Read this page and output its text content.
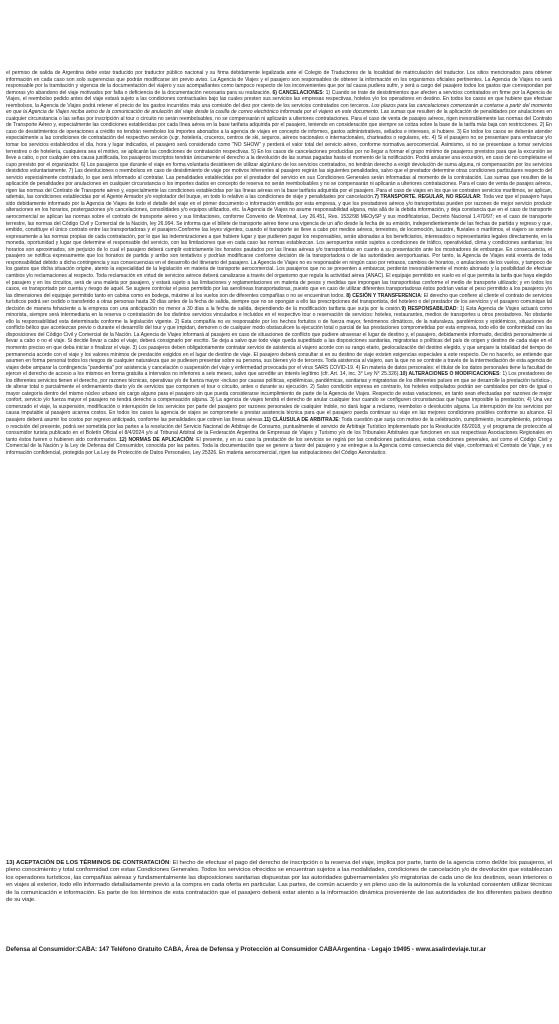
el permiso de salida de Argentina debe estar traducido por traductor público nacional y su firma debidamente legalizada ante el Colegio de Traductores de la localidad de matriculación del traductor. Los sitios mencionados para obtener información en cada caso son solo sugerencias que podrán modificarse sin previo aviso. La Agencia de Viajes y el pasajero son responsables de obtener la información en los organismos oficiales pertinentes. La Agencia de Viajes no será responsable por la tramitación y vigencia de la documentación del viajero y sus acompañantes como tampoco respecto de los inconvenientes que por tal causa pudiera sufrir, y será a cargo del pasajero todos los gastos que correspondan por demoras y/o abandono del viaje motivados por falta o deficiencia de la documentación necesaria para su realización. 6) CANCELACIONES: 1) Cuando se trate de desistimientos que afecten a servicios contratados en firme por la Agencia de Viajes, el reembolso pedido antes del viaje estará sujeto a las condiciones contractuales bajo las cuales presten sus servicios las empresas respectivas, hoteles y/o los operadores en destino. En todos los casos en que hubiere que efectuar reembolsos, la Agencia de Viajes podrá retener el precio de los gastos incurridos más una comisión del diez por ciento de los servicios contratados con terceros. Los plazos para las cancelaciones comenzarán a contarse a partir del momento en que la Agencia de Viajes reciba aviso de la comunicación de anulación del viaje desde la casilla de correo electrónico informada por el viajero en este documento. Las sumas que resulten de la aplicación de penalidades por anulaciones en cualquier circunstancia o las señas por inscripción al tour o circuito no serán reembolsables, no se compensarán ni aplicarán a ulteriores contrataciones. Para el caso de venta de pasajes aéreos, rigen inexorablemente las normas del Contrato de Transporte Aéreo y, especialmente las condiciones establecidas por cada línea aérea en la base tarifaria adquirida por el pasajero, teniendo en consideración que siempre se cotiza sobre la base de la tarifa más baja con restricciones. 2) En caso de desistimientos de operaciones a crédito no tendrán reembolso los importes abonados a la agencia de viajes en concepto de informes, gastos administrativos, sellados e intereses, si hubiere. 3) En todos los casos se deberán atender especialmente a las condiciones de contratación del respectivo servicio (v.gr. hotelería, cruceros, centros de ski, seguros, aéreos nacionales o internacionales, charteados o regulares, etc. 4) Si el pasajero no se presentare para embarcar y/o tomar los servicios establecidos el día, hora y lugar indicados, el pasajero será considerado como "NO SHOW" y perderá el valor total del servicio aéreo, conforme normativa aerocomercial. Asimismo, si no se presentase a tomar servicios terrestres o de hotelería, cualquiera sea el motivo, se aplicarán las condiciones de contratación respectivas. 5) En los casos de cancelaciones producidas por no llegar a formar el grupo mínimo de pasajeros previstos para que la excursión se lleve a cabo, o por cualquier otra causa justificada, los pasajeros inscriptos tendrán únicamente el derecho a la devolución de las sumas pagadas hasta el momento de la notificación. Podrá anularse una excursión, en caso de no completarse el cupo previsto por el organizador. 6) Los pasajeros que durante el viaje en forma voluntaria desistieren de utilizar algún/uno de los servicios contratados, no tendrán derecho a exigir devolución de suma alguna, ni compensación por los servicios desistidos voluntariamente. 7) Las devoluciones o reembolsos en caso de desistimiento de viaje por motivos inherentes al pasajero regirán las siguientes penalidades, salvo que el prestador determine otras condiciones particulares respecto del servicio especialmente contratado, lo que será informado al contratar. Las penalidades establecidas por el prestador del servicio en sus Condiciones Generales serán informadas al momento de la contratación. Las sumas que resulten de la aplicación de penalidades por anulaciones en cualquier circunstancia o los importes dados en concepto de reserva no serán reembolsables y no se compensarán ni aplicarán a ulteriores contrataciones. Para el caso de venta de pasajes aéreos, rigen las normas del Contrato de Transporte aéreo y, especialmente las condiciones establecidas por las líneas aéreas en la base tarifaria adquirida por el pasajero. Para el caso de viajes en los que se contraten servicios marítimos, se aplican, además, las condiciones establecidas por el Agente Armador y/o explotador del buque, en todo lo relativo a las condiciones de viaje y penalidades por cancelación.7) TRANSPORTE. REGULAR, NO REGULAR: Toda vez que el pasajero haya sido debidamente informado por la Agencia de Viajes de todo el detalle del viaje en el primer documento o información emitida por esta empresa, y que los prestadores aéreos y/o transportistas pueden por razones de mejor servicio producir alteraciones en los horarios, postergaciones y/o cancelaciones, consolidades y/o equipos utilizados, etc. la Agencia de Viajes no asume responsabilidad alguna, más allá de la debida información, y deja constancia que en el caso de transporte aerocomercial se aplican las normas sobre el contrato de transporte aéreo y sus limitaciones, conforme Convenio de Montreal, Ley 26.451, Res. 1532/98 MEOySP y sus modificatorias, Decreto Nacional 1.470/97; en el caso de transporte terrestre, las normas del Código Civil y Comercial de la Nación, ley 26.994. Se informa que el billete de transporte aéreo tiene una vigencia de un año desde la fecha de su emisión, independientemente de las fechas de partida y regreso y que, emitido, constituye el único contrato entre las transportadoras y el pasajero.Conforme las leyes vigentes, cuando el transporte se lleve a cabo por medios aéreos, terrestres, de locomoción, lacustre, fluviales o marítimos, el viajero se somete expresamente a las normas propias de cada contratación, por lo que las indemnizaciones a que hubiere lugar y que pudieren pagar los responsables, serán abonadas a los beneficiarios, interesados o representantes legales directamente, en la moneda, oportunidad y lugar que determine el responsable del servicio, con las limitaciones que en cada caso las normas establezcan. Los aeropuertos están sujetos a condiciones de tráfico, operatividad, clima y condiciones sanitarias; los horarios son aproximados, sin perjuicio de lo cual el pasajero deberá cumplir estrictamente los horarios pautados por las líneas aéreas y/o transportistas en cuanto a su presentación ante los mostradores de embarque. En consecuencia, el pasajero se notifica expresamente que los horarios de partida y arribo son tentativos y podrían modificarse conforme decisión de la transportadora o de las autoridades aeroportuarias. Por tanto, la Agencia de Viajes está exenta de toda responsabilidad debido a dicha contingencia y sus consecuencias en el desarrollo del itinerario del pasajero. La Agencia de Viajes no es responsable en ningún caso por retrasos, cambios de horarios, o anulaciones de los vuelos, y tampoco de los gastos que dicha situación origine, atento la especialidad de la legislación en materia de transporte aerocomercial. Los pasajeros que no se presenten a embarcar, perderán inexorablemente el monto abonado y la posibilidad de efectuar cambios y/o reclamaciones al respecto. Toda reclamación en virtud de servicios aéreos deberá canalizarse a través del organismo que regula la actividad aérea (ANAC). El equipaje permitido en vuelo es el que permita la tarifa que haya elegido el pasajero y en los circuitos, será de una maleta por pasajero, y estará sujeto a las limitaciones y reglamentaciones en materia de pesos y medidas que impongan las transportistas conforme el medio de transporte utilizado; y en todos los casos, es transportado por cuenta y riesgo de aquél. Se sugiere controlar el peso permitido por las aerolíneas transportadoras, puesto que en caso de utilizar diferentes transportadoras éstos podrían variar el peso permitido a los pasajeros y/o las dimensiones del equipaje permitido tanto en cabina como en bodega, máxime si los vuelos son de diferentes compañías o no se encuentran todos. 8) CESIÓN Y TRANSFERENCIA: El derecho que confiere al cliente el contrato de servicios turísticos podrá ser cedido o transferido a otras personas hasta 30 días antes de la fecha de salida, siempre que no se opongan a ello las prescripciones del transportista, del hotelero o del prestador de los servicios y el pasajero comunique tal decisión de manera fehaciente a la empresa con una anticipación no menor a 30 días a la fecha de salida, dependiendo de la modificación tarifaria que surja por la cesión.9) RESPONSABILIDAD: 1) Esta Agencia de Viajes actuará como minorista, siempre será intermediaria en la reserva o contratación de los distintos servicios vinculados e incluidos en el respectivo tour o reservación de servicios: hoteles, restaurantes, medios de transportes u otros prestadores. No obstante ello la responsabilidad esta determinada conforme la legislación vigente. 2) Esta compañía no es responsable por los hechos fortuitos o de fuerza mayor, fenómenos climáticos, de la naturaleza, pandémicos y epidémicos, situaciones de conflicto bélico que acontezcan previo o durante el desarrollo del tour y que impidan, demoren o de cualquier modo obstaculicen la ejecución total o parcial de las prestaciones comprometidas por esta empresa, todo ello de conformidad con las disposiciones del Código Civil y Comercial de la Nación. La Agencia de Viajes informará al pasajero en caso de situaciones de conflicto que pudiere atravesar el lugar de destino y, el pasajero, debidamente informado, decidirá personalmente si llevar a cabo o no el viaje. Si decide llevar a cabo el viaje, deberá consignarlo por escrito. Se deja a salvo que todo viaje queda supeditado a las disposiciones sanitarias, migratorias o políticas del país de origen y destino de cada viaje en el momento preciso en que deba iniciar o finalizar el viaje. 3) Los pasajeros deben obligatoriamente contratar servicio de asistencia al viajero acorde con su rango etario, geolocalización del destino elegido, y que ampare la totalidad del tiempo de permanencia acorde con el viaje y los valores mínimos de prestación exigidos en el lugar de destino de viaje. El pasajero deberá consultar si en su destino de viaje existen exigencias especiales a este respecto. De no hacerlo, se entiende que asumen en forma personal todos los riesgos de cualquier naturaleza que se pudiesen presentar sobre su persona, sus bienes y/o de terceros. Toda asistencia al viajero, aun la que no se contrate a través de la intermediación de esta agencia de viajes debe amparar la contingencia "pandemia" por asistencia y cancelación o suspensión del viaje y enfermedad provocada por el virus SARS COVID-19. 4) En materia de datos personales: el titular de los datos personales tiene la facultad de ejercer el derecho de acceso a los mismos en forma gratuita a intervalos no inferiores a seis meses, salvo que acredite un interés legítimo (cfr. Art. 14, inc. 3° Ley N° 25.326).10) ALTERACIONES O MODIFICACIONES: 1) Los prestadores de los diferentes servicios tienen el derecho, por razones técnicas, operativas y/o de fuerza mayor -incluso por causas políticas, epidémicas, pandémicas, sanitarias y migratorias de los diferentes países en que se desarrolle la prestación turística-, de alterar total o parcialmente el ordenamiento diario y/o de servicios que componen el tour o circuito, antes o durante su ejecución. 2) Salvo condición expresa en contrario, los hoteles estipulados podrán ser cambiados por otro de igual o mayor categoría dentro del mismo núcleo urbano sin cargo alguno para el pasajero sin que pueda considerarse incumplimiento de parte de la Agencia de Viajes. Respecto de estas variaciones, en tanto sean efectuadas por razones de mejor confort, servicio y/o fuerza mayor el pasajero no tendrá derecho a compensación alguna. 3) La agencia de viajes tendrá el derecho de anular cualquier tour cuando se configuren circunstancias que hagan imposible la prestación. 4) Una vez comenzado el viaje, la suspensión, modificación o interrupción de los servicios por parte del pasajero por razones personales de cualquier índole, no dará lugar a reclamo, reembolso o devolución alguna. La interrupción de los servicios por causa imputable al pasajero acarrea costos. En todos los casos la agencia de viajes se compromete a prestar asistencia técnica para que el pasajero pueda continuar su viaje en las mejores condiciones posibles conforme su alcance. El pasajero deberá asumir los costos por regreso anticipado, conforme las penalidades que cobren las líneas aéreas.11) CLÁUSULA DE ARBITRAJE: Toda cuestión que surja con motivo de la celebración, cumplimiento, incumplimiento, prórroga o rescisión del presente, podrá ser sometida por las partes a la resolución del Servicio Nacional de Arbitraje de Consumo, puntualmente el servicio de Arbitraje Turístico implementado por la Resolución 65/2018, y el programa de protección al consumidor turista publicado en el Boletín Oficial el 8/4/2024 y/o al Tribunal Arbitral de la Federación Argentina de Empresas de Viajes y Turismo y/o de los Tribunales Arbitrales que funcionen en sus respectivas Asociaciones Regionales en tanto éstos fueren o hubieren sido conformados. 12) NORMAS DE APLICACIÓN: El presente, y en su caso la prestación de los servicios se regirá por las condiciones particulares, estas condiciones generales, así como el Código Civil y Comercial de la Nación y la Ley de Defensa del Consumidor, conocida por las partes. Toda la documentación que se genere a favor del pasajero y se entregue a la Agencia como consecuencia del viaje, conformará el Contrato de Viaje, y es información confidencial, protegida por La Ley de Protección de Datos Personales, Ley 25326. En materia aerocomercial, rigen las estipulaciones del Código Aeronáutico.

13) ACEPTACIÓN DE LOS TÉRMINOS DE CONTRATACIÓN: El hecho de efectuar el pago del derecho de inscripción o la reserva del viaje, implica por parte, tanto de la agencia como del/de los pasajeros, el pleno conocimiento y total conformidad con estas Condiciones Generales. Todos los servicios ofrecidos se encuentran sujetos a las modalidades, condiciones de cancelación y/o de devolución que establezcan los operadores turísticos, las compañías aéreas y fundamentalmente las disposiciones sanitarias dispuestas por las autoridades gubernamentales y/o migratorias de cada uno de los destinos, sean interiores o en viajes al exterior, todo ello informado detalladamente previo a la compra en cada oferta en particular. Las partes, de común acuerdo y en pleno uso de la autonomía de la voluntad consienten utilizar técnicas de la comunicación e información. Es parte de los términos de esta contratación que el pasajero deberá estar atento a la información dinámica proveniente de las autoridades de los diferentes países destino de su viaje.

Defensa al Consumidor:CABA: 147 Teléfono Gratuito CABA, Área de Defensa y Protección al Consumidor CABAArgentina - Legajo 19495 - www.asalirdeviaje.tur.ar
